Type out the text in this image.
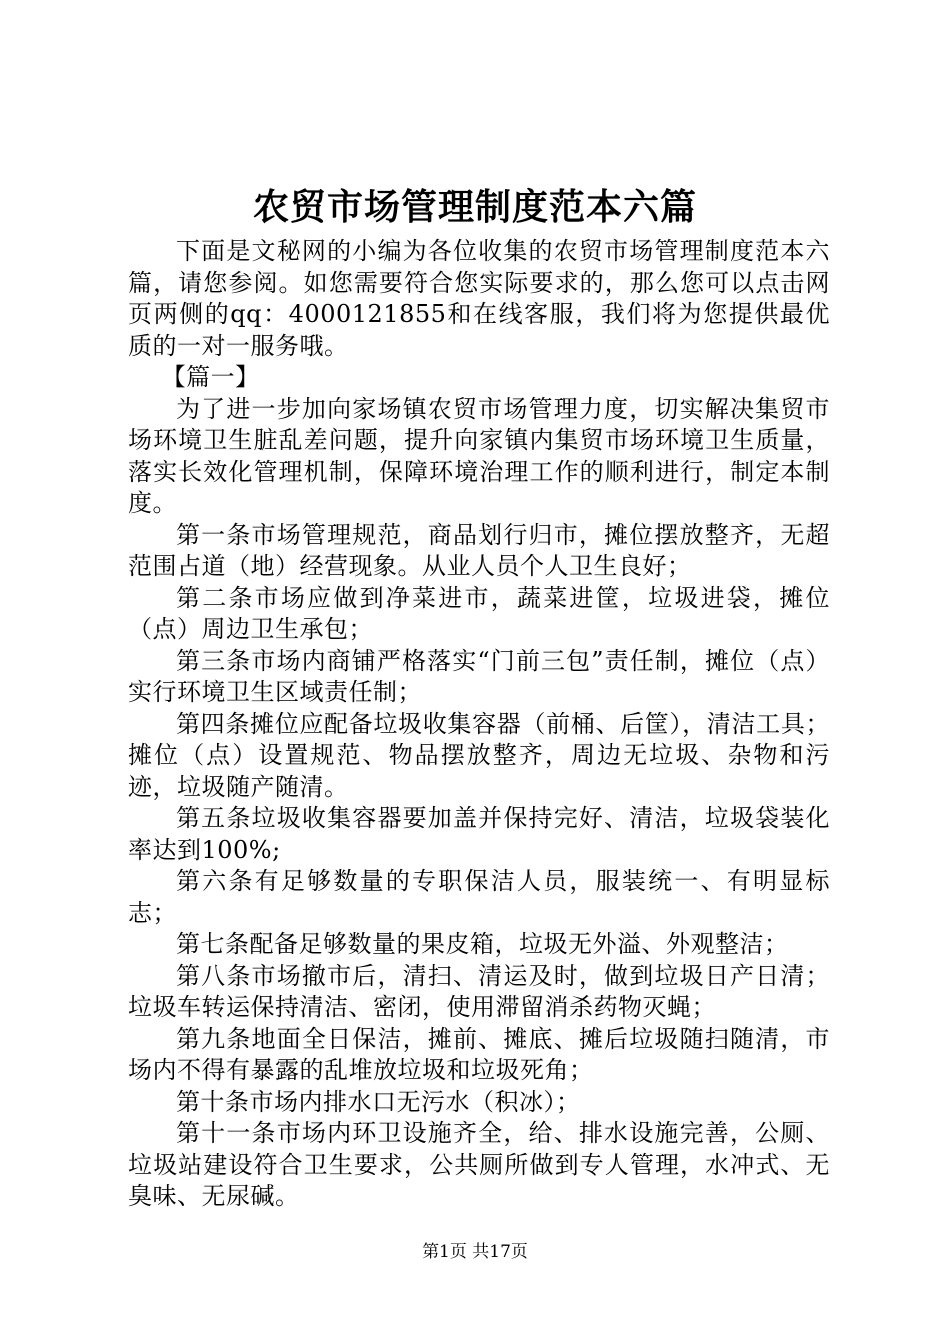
农贸市场管理制度范本六篇

下面是文秘网的小编为各位收集的农贸市场管理制度范本六篇，请您参阅。如您需要符合您实际要求的，那么您可以点击网页两侧的qq：4000121855和在线客服，我们将为您提供最优质的一对一服务哦。

【篇一】

为了进一步加向家场镇农贸市场管理力度，切实解决集贸市场环境卫生脏乱差问题，提升向家镇内集贸市场环境卫生质量，落实长效化管理机制，保障环境治理工作的顺利进行，制定本制度。

第一条市场管理规范，商品划行归市，摊位摆放整齐，无超范围占道（地）经营现象。从业人员个人卫生良好；

第二条市场应做到净菜进市，蔬菜进筐，垃圾进袋，摊位（点）周边卫生承包；

第三条市场内商铺严格落实“门前三包”责任制，摊位（点）实行环境卫生区域责任制；

第四条摊位应配备垃圾收集容器（前桶、后筐），清洁工具；摊位（点）设置规范、物品摆放整齐，周边无垃圾、杂物和污迹，垃圾随产随清。

第五条垃圾收集容器要加盖并保持完好、清洁，垃圾袋装化率达到100%;

第六条有足够数量的专职保洁人员，服装统一、有明显标志；

第七条配备足够数量的果皮箱，垃圾无外溢、外观整洁；

第八条市场撤市后，清扫、清运及时，做到垃圾日产日清；垃圾车转运保持清洁、密闭，使用滞留消杀药物灭蝇；

第九条地面全日保洁，摊前、摊底、摊后垃圾随扫随清，市场内不得有暴露的乱堆放垃圾和垃圾死角；

第十条市场内排水口无污水（积冰）；

第十一条市场内环卫设施齐全，给、排水设施完善，公厕、垃圾站建设符合卫生要求，公共厕所做到专人管理，水冲式、无臭味、无尿碱。

第1页 共17页
